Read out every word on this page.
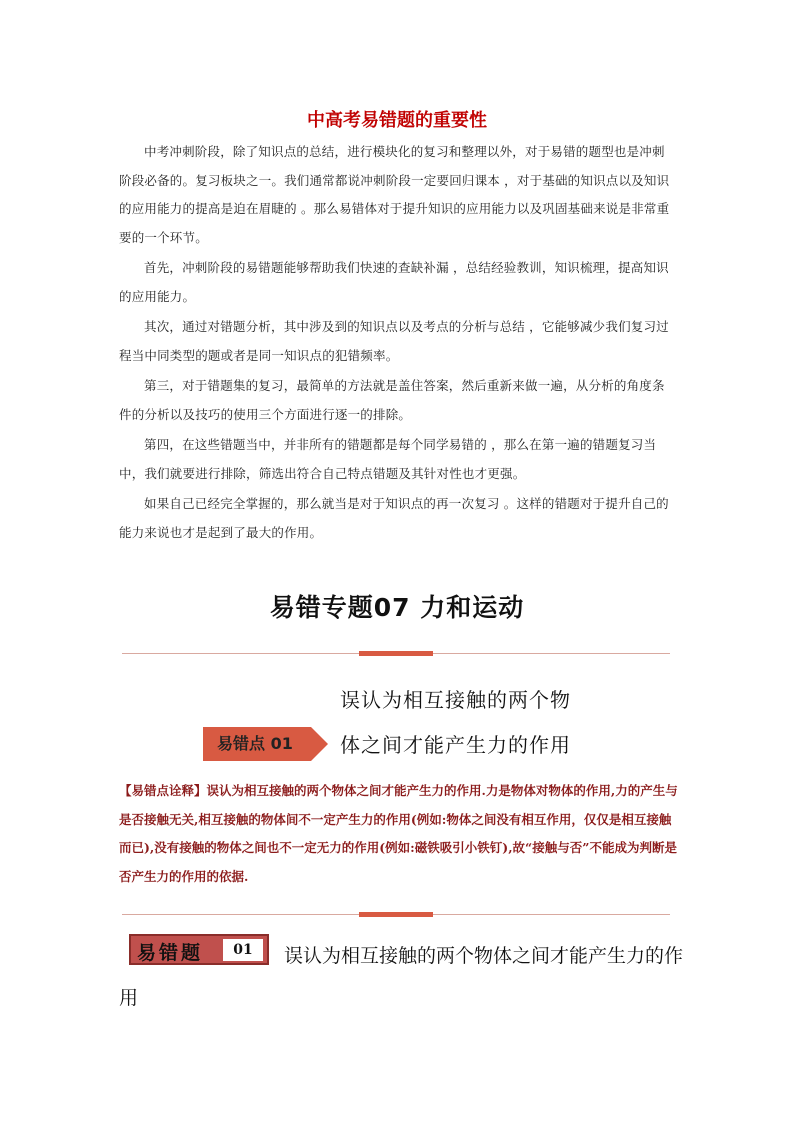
中高考易错题的重要性

中考冲刺阶段，除了知识点的总结，进行模块化的复习和整理以外，对于易错的题型也是冲刺阶段必备的。复习板块之一。我们通常都说冲刺阶段一定要回归课本 ，对于基础的知识点以及知识的应用能力的提高是迫在眉睫的 。那么易错体对于提升知识的应用能力以及巩固基础来说是非常重要的一个环节。

首先，冲刺阶段的易错题能够帮助我们快速的查缺补漏 ，总结经验教训，知识梳理，提高知识的应用能力。

其次，通过对错题分析，其中涉及到的知识点以及考点的分析与总结 ，它能够减少我们复习过程当中同类型的题或者是同一知识点的犯错频率。

第三，对于错题集的复习，最简单的方法就是盖住答案，然后重新来做一遍，从分析的角度条件的分析以及技巧的使用三个方面进行逐一的排除。

第四，在这些错题当中，并非所有的错题都是每个同学易错的 ，那么在第一遍的错题复习当中，我们就要进行排除，筛选出符合自己特点错题及其针对性也才更强。

如果自己已经完全掌握的，那么就当是对于知识点的再一次复习 。这样的错题对于提升自己的能力来说也才是起到了最大的作用。

易错专题07 力和运动
误认为相互接触的两个物
易错点 01	体之间才能产生力的作用
【易错点诠释】误认为相互接触的两个物体之间才能产生力的作用.力是物体对物体的作用,力的产生与是否接触无关,相互接触的物体间不一定产生力的作用(例如:物体之间没有相互作用，仅仅是相互接触而已),没有接触的物体之间也不一定无力的作用(例如:磁铁吸引小铁钉),故“接触与否”不能成为判断是否产生力的作用的依据.
易错题	01	误认为相互接触的两个物体之间才能产生力的作用
